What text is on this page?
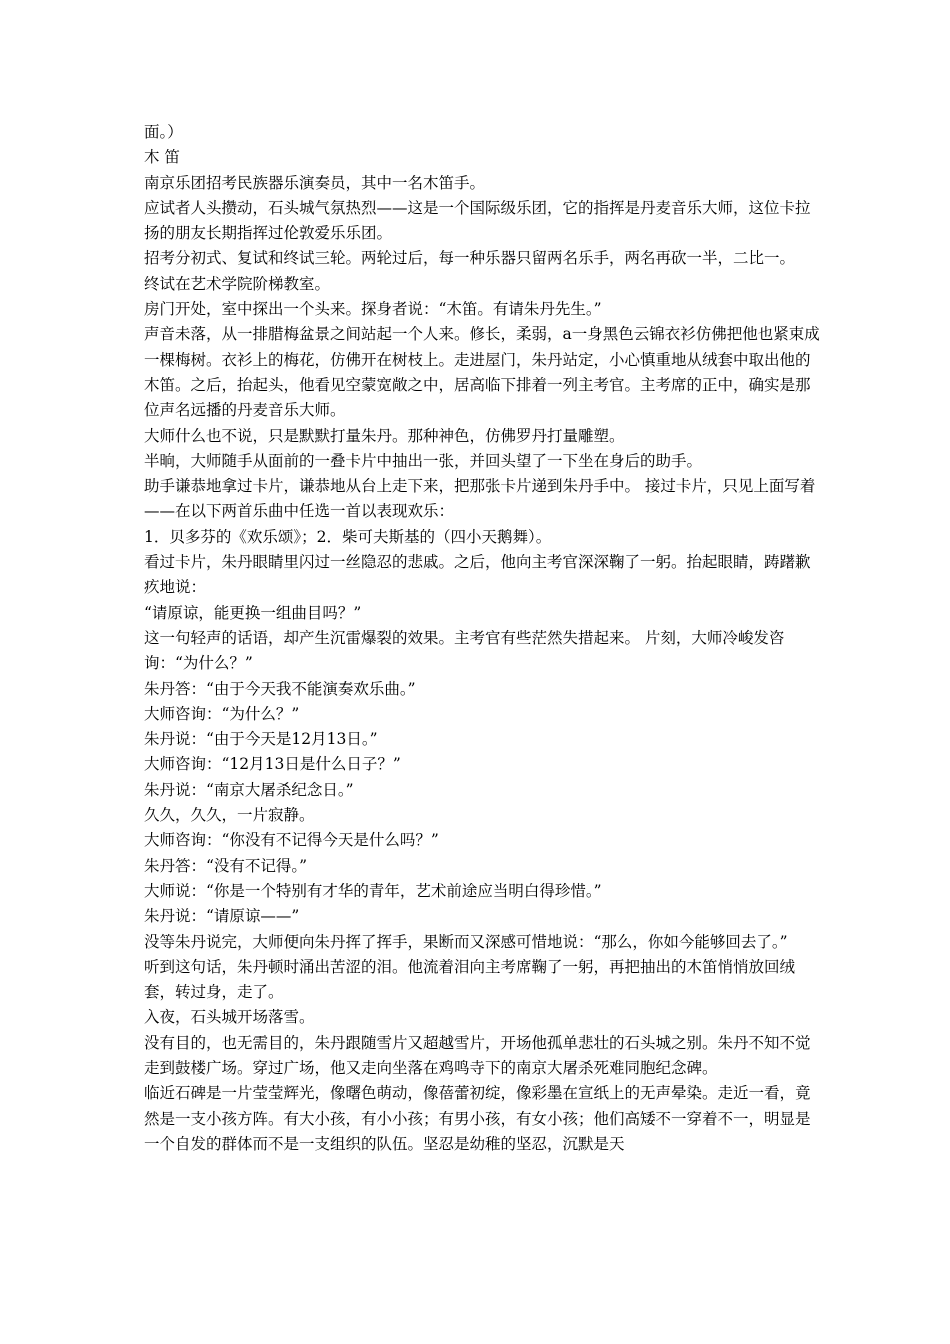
面。）

木 笛

南京乐团招考民族器乐演奏员，其中一名木笛手。

应试者人头攒动，石头城气氛热烈——这是一个国际级乐团，它的指挥是丹麦音乐大师，这位卡拉扬的朋友长期指挥过伦敦爱乐乐团。

招考分初式、复试和终试三轮。两轮过后，每一种乐器只留两名乐手，两名再砍一半，二比一。

终试在艺术学院阶梯教室。

房门开处，室中探出一个头来。探身者说：“木笛。有请朱丹先生。”

声音未落，从一排腊梅盆景之间站起一个人来。修长，柔弱，a一身黑色云锦衣衫仿佛把他也紧束成一棵梅树。衣衫上的梅花，仿佛开在树枝上。走进屋门，朱丹站定，小心慎重地从绒套中取出他的木笛。之后，抬起头，他看见空蒙宽敞之中，居高临下排着一列主考官。主考席的正中，确实是那位声名远播的丹麦音乐大师。

大师什么也不说，只是默默打量朱丹。那种神色，仿佛罗丹打量雕塑。

半晌，大师随手从面前的一叠卡片中抽出一张，并回头望了一下坐在身后的助手。

助手谦恭地拿过卡片，谦恭地从台上走下来，把那张卡片递到朱丹手中。 接过卡片，只见上面写着——在以下两首乐曲中任选一首以表现欢乐：

1．贝多芬的《欢乐颂》；2．柴可夫斯基的（四小天鹅舞）。

看过卡片，朱丹眼睛里闪过一丝隐忍的悲戚。之后，他向主考官深深鞠了一躬。抬起眼睛，踌躇歉疚地说：

“请原谅，能更换一组曲目吗？”

这一句轻声的话语，却产生沉雷爆裂的效果。主考官有些茫然失措起来。 片刻，大师冷峻发咨询：“为什么？”

朱丹答：“由于今天我不能演奏欢乐曲。”

大师咨询：“为什么？”

朱丹说：“由于今天是12月13日。”

大师咨询：“12月13日是什么日子？”

朱丹说：“南京大屠杀纪念日。”

久久，久久，一片寂静。

大师咨询：“你没有不记得今天是什么吗？”

朱丹答：“没有不记得。”

大师说：“你是一个特别有才华的青年，艺术前途应当明白得珍惜。”

朱丹说：“请原谅——”

没等朱丹说完，大师便向朱丹挥了挥手，果断而又深感可惜地说：“那么，你如今能够回去了。”

听到这句话，朱丹顿时涌出苦涩的泪。他流着泪向主考席鞠了一躬，再把抽出的木笛悄悄放回绒套，转过身，走了。

入夜，石头城开场落雪。

没有目的，也无需目的，朱丹跟随雪片又超越雪片，开场他孤单悲壮的石头城之别。朱丹不知不觉走到鼓楼广场。穿过广场，他又走向坐落在鸡鸣寺下的南京大屠杀死难同胞纪念碑。

临近石碑是一片莹莹辉光，像曙色萌动，像蓓蕾初绽，像彩墨在宣纸上的无声晕染。走近一看，竟然是一支小孩方阵。有大小孩，有小小孩；有男小孩，有女小孩；他们高矮不一穿着不一，明显是一个自发的群体而不是一支组织的队伍。坚忍是幼稚的坚忍，沉默是天
